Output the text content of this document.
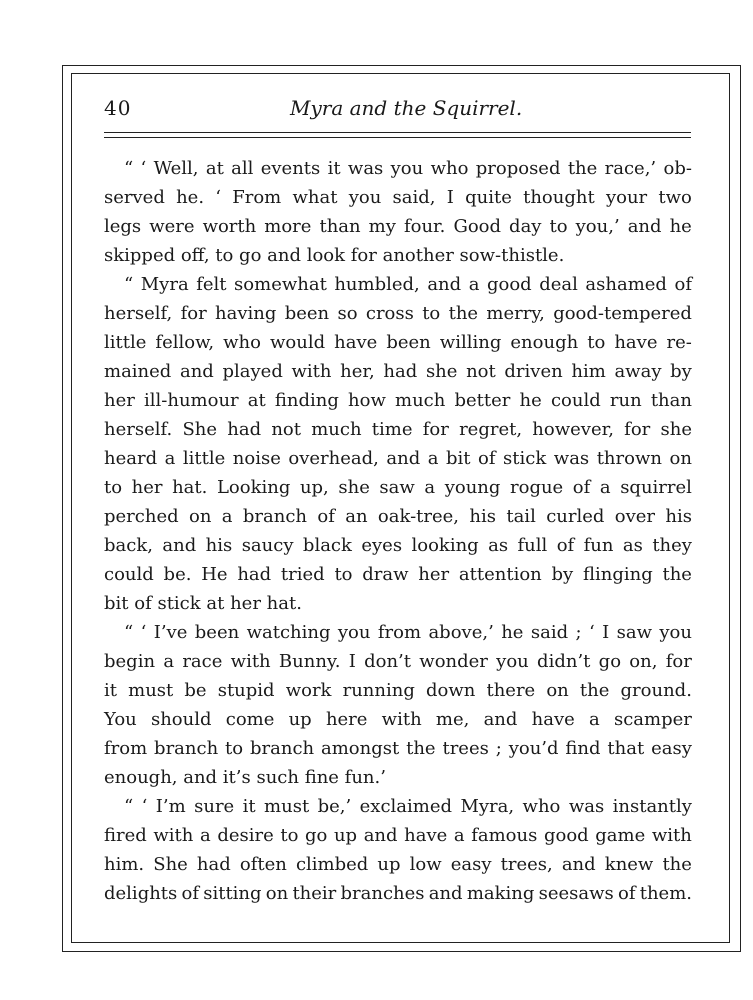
40	Myra and the Squirrel.
“ ‘ Well, at all events it was you who proposed the race,’ ob-
served he. ‘ From what you said, I quite thought your two
legs were worth more than my four. Good day to you,’ and he
skipped off, to go and look for another sow-thistle.
“ Myra felt somewhat humbled, and a good deal ashamed of
herself, for having been so cross to the merry, good-tempered
little fellow, who would have been willing enough to have re-
mained and played with her, had she not driven him away by
her ill-humour at finding how much better he could run than
herself. She had not much time for regret, however, for she
heard a little noise overhead, and a bit of stick was thrown on
to her hat. Looking up, she saw a young rogue of a squirrel
perched on a branch of an oak-tree, his tail curled over his
back, and his saucy black eyes looking as full of fun as they
could be. He had tried to draw her attention by flinging the
bit of stick at her hat.
“ ‘ I’ve been watching you from above,’ he said ; ‘ I saw you
begin a race with Bunny. I don’t wonder you didn’t go on, for
it must be stupid work running down there on the ground.
You should come up here with me, and have a scamper
from branch to branch amongst the trees ; you’d find that easy
enough, and it’s such fine fun.’
“ ‘ I’m sure it must be,’ exclaimed Myra, who was instantly
fired with a desire to go up and have a famous good game with
him. She had often climbed up low easy trees, and knew the
delights of sitting on their branches and making seesaws of them.
